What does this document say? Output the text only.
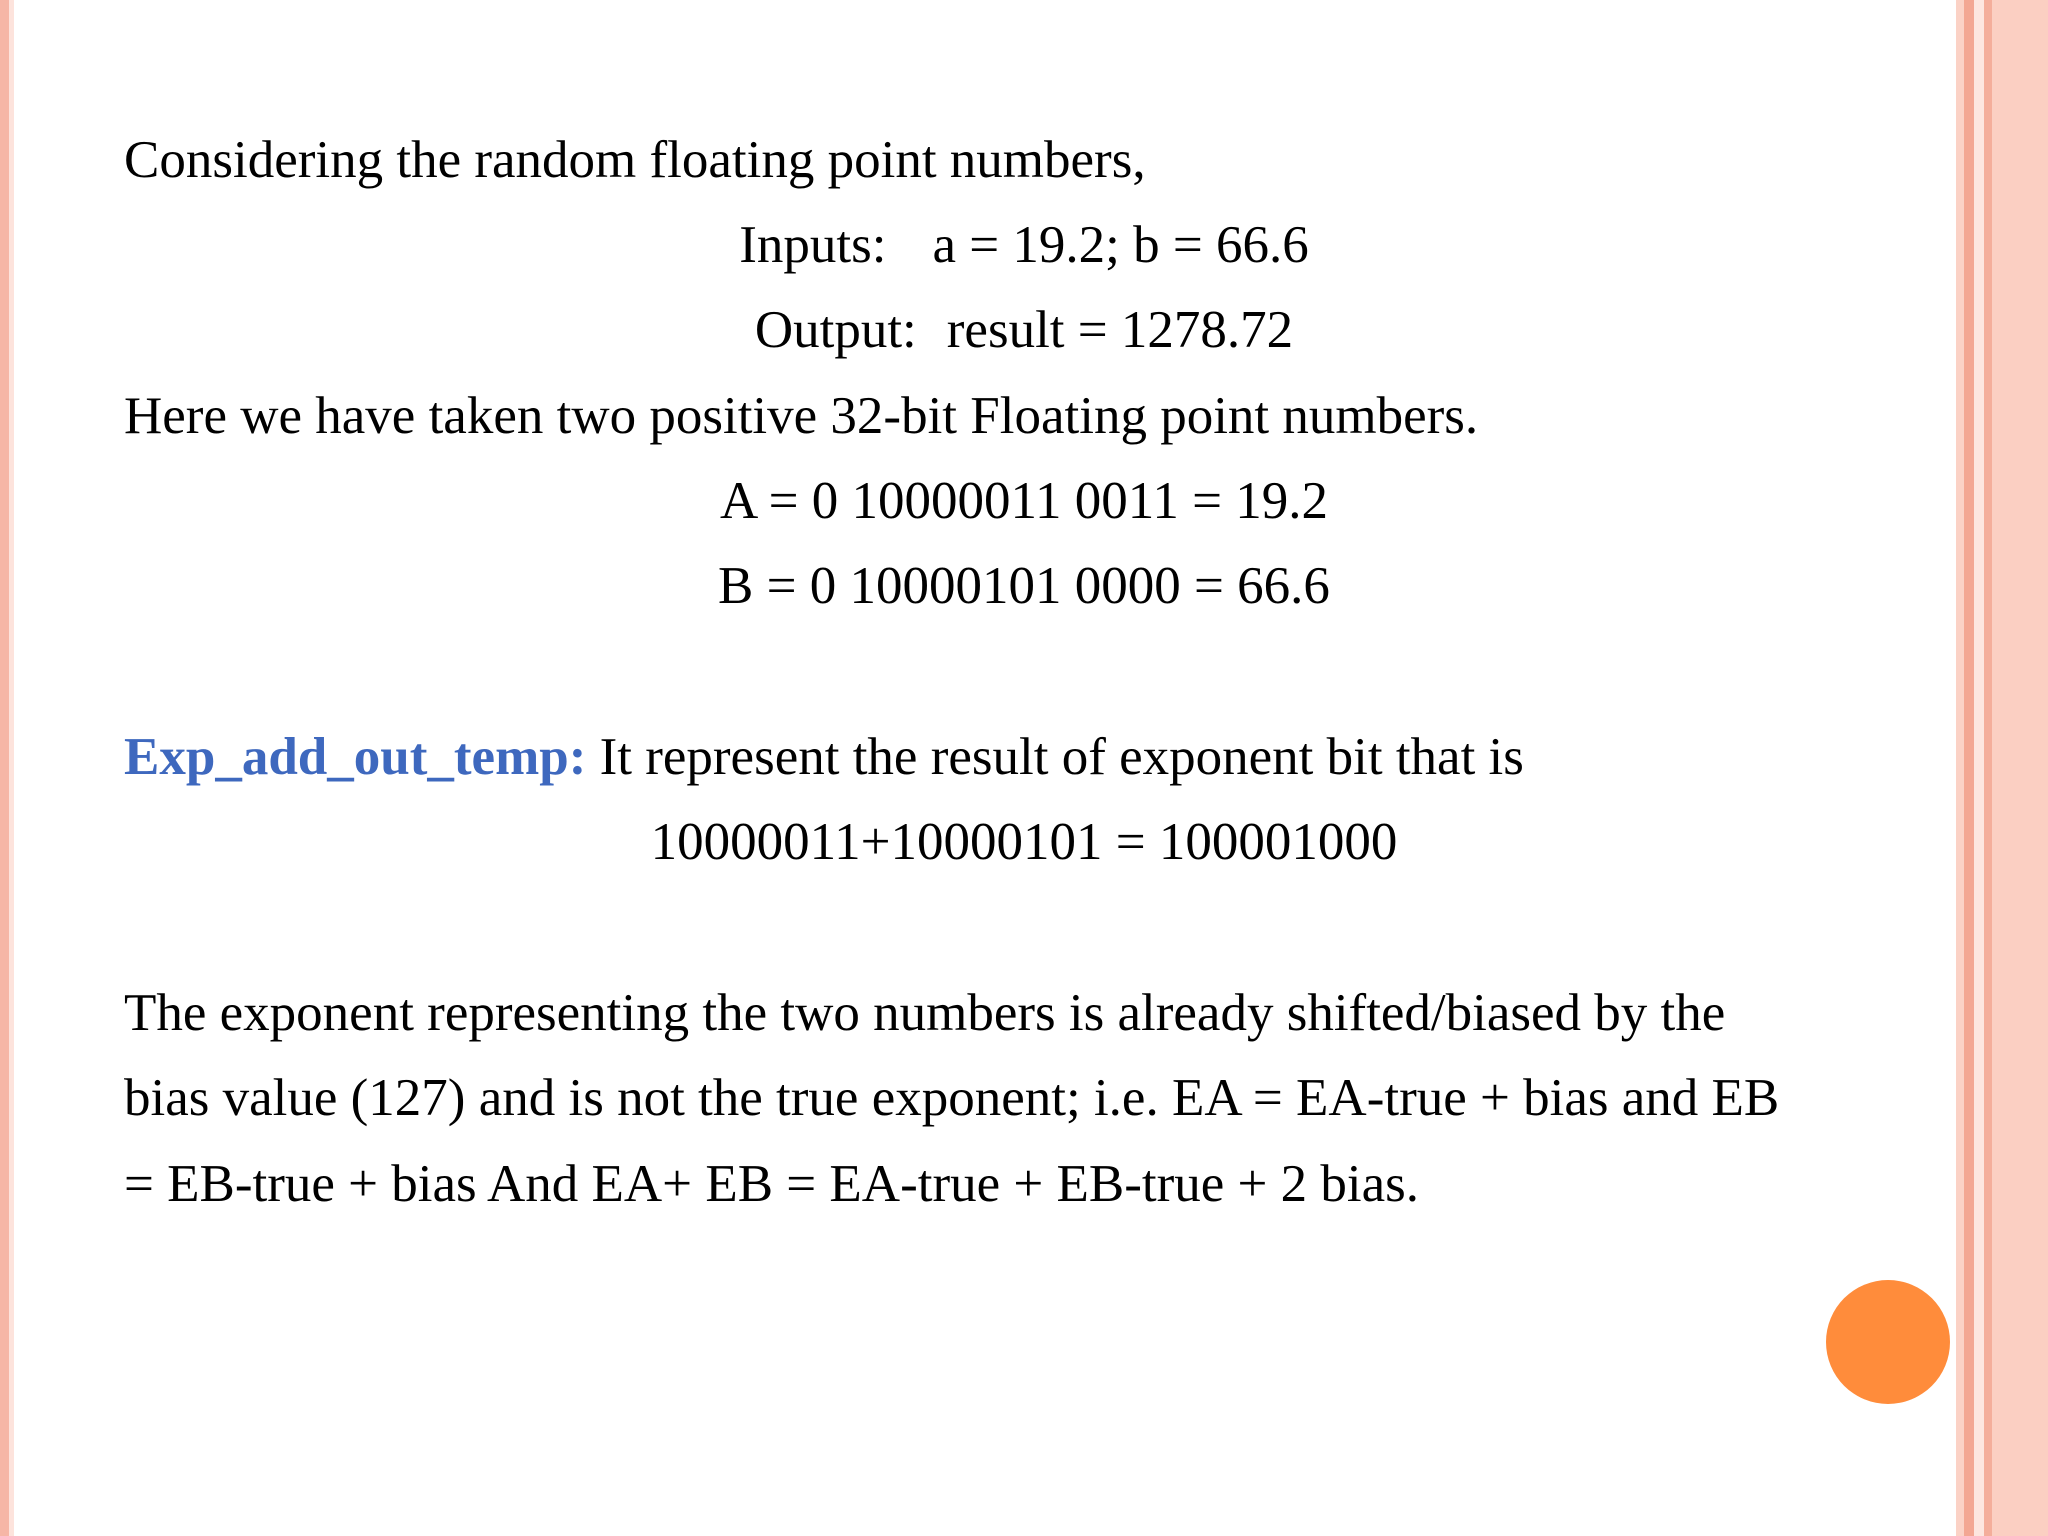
Considering the random floating point numbers,
Inputs: a = 19.2; b = 66.6
Output: result = 1278.72
Here we have taken two positive 32-bit Floating point numbers.
A = 0 10000011 0011 = 19.2
B = 0 10000101 0000 = 66.6
Exp_add_out_temp: It represent the result of exponent bit that is
10000011+10000101 = 100001000
The exponent representing the two numbers is already shifted/biased by the
bias value (127) and is not the true exponent; i.e. EA = EA-true + bias and EB
= EB-true + bias And EA+ EB = EA-true + EB-true + 2 bias.
